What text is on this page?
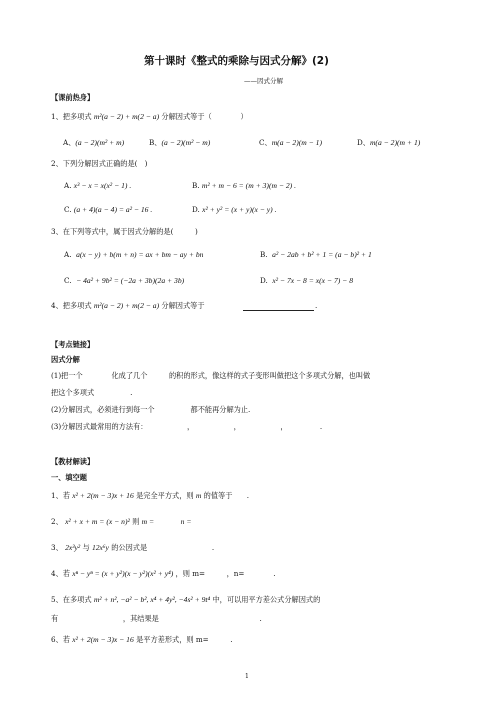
第十课时《整式的乘除与因式分解》(2)
——因式分解
【课前热身】
1、把多项式 m²(a − 2) + m(2 − a) 分解因式等于（　　　　）
A、(a − 2)(m² + m)	B、(a − 2)(m² − m)	C、m(a − 2)(m − 1)	D、m(a − 2)(m + 1)
2、下列分解因式正确的是(　)
A. x³ − x = x(x² − 1) .	B. m² + m − 6 = (m + 3)(m − 2) .
C. (a + 4)(a − 4) = a² − 16 .	D. x² + y² = (x + y)(x − y) .
3、在下列等式中，属于因式分解的是(　　　)
A. a(x − y) + b(m + n) = ax + bm − ay + bn	B. a² − 2ab + b² + 1 = (a − b)² + 1
C. − 4a² + 9b² = (−2a + 3b)(2a + 3b)	D. x² − 7x − 8 = x(x − 7) − 8
4、把多项式 m²(a − 2) + m(2 − a) 分解因式等于	.
【考点链接】
因式分解
(1)把一个　　　　化成了几个　　　的积的形式，像这样的式子变形叫做把这个多项式分解，也叫做
把这个多项式　　　　　.
(2)分解因式，必须进行到每一个　　　　　都不能再分解为止.
(3)分解因式最常用的方法有：　　　　　　，　　　　　　，　　　　　　，　　　　　.
【教材解读】
一、填空题
1、若 x² + 2(m − 3)x + 16 是完全平方式，则 m 的值等于　　.
2、 x² + x + m = (x − n)² 则 m =	n =
3、 2x³y² 与 12x⁶y 的公因式是　　　　　　　　　.
4、若 xⁿ − yⁿ = (x + y²)(x − y²)(x² + y⁴) ，则 m=　　　，n=　　　　.
5、在多项式 m² + n², −a² − b², x⁴ + 4y², −4s² + 9t⁴ 中，可以用平方差公式分解因式的
有　　　　　　　　　，其结果是　　　　　　　　　　　　　　.
6、若 x² + 2(m − 3)x − 16 是平方差形式，则 m=　　　.
1
